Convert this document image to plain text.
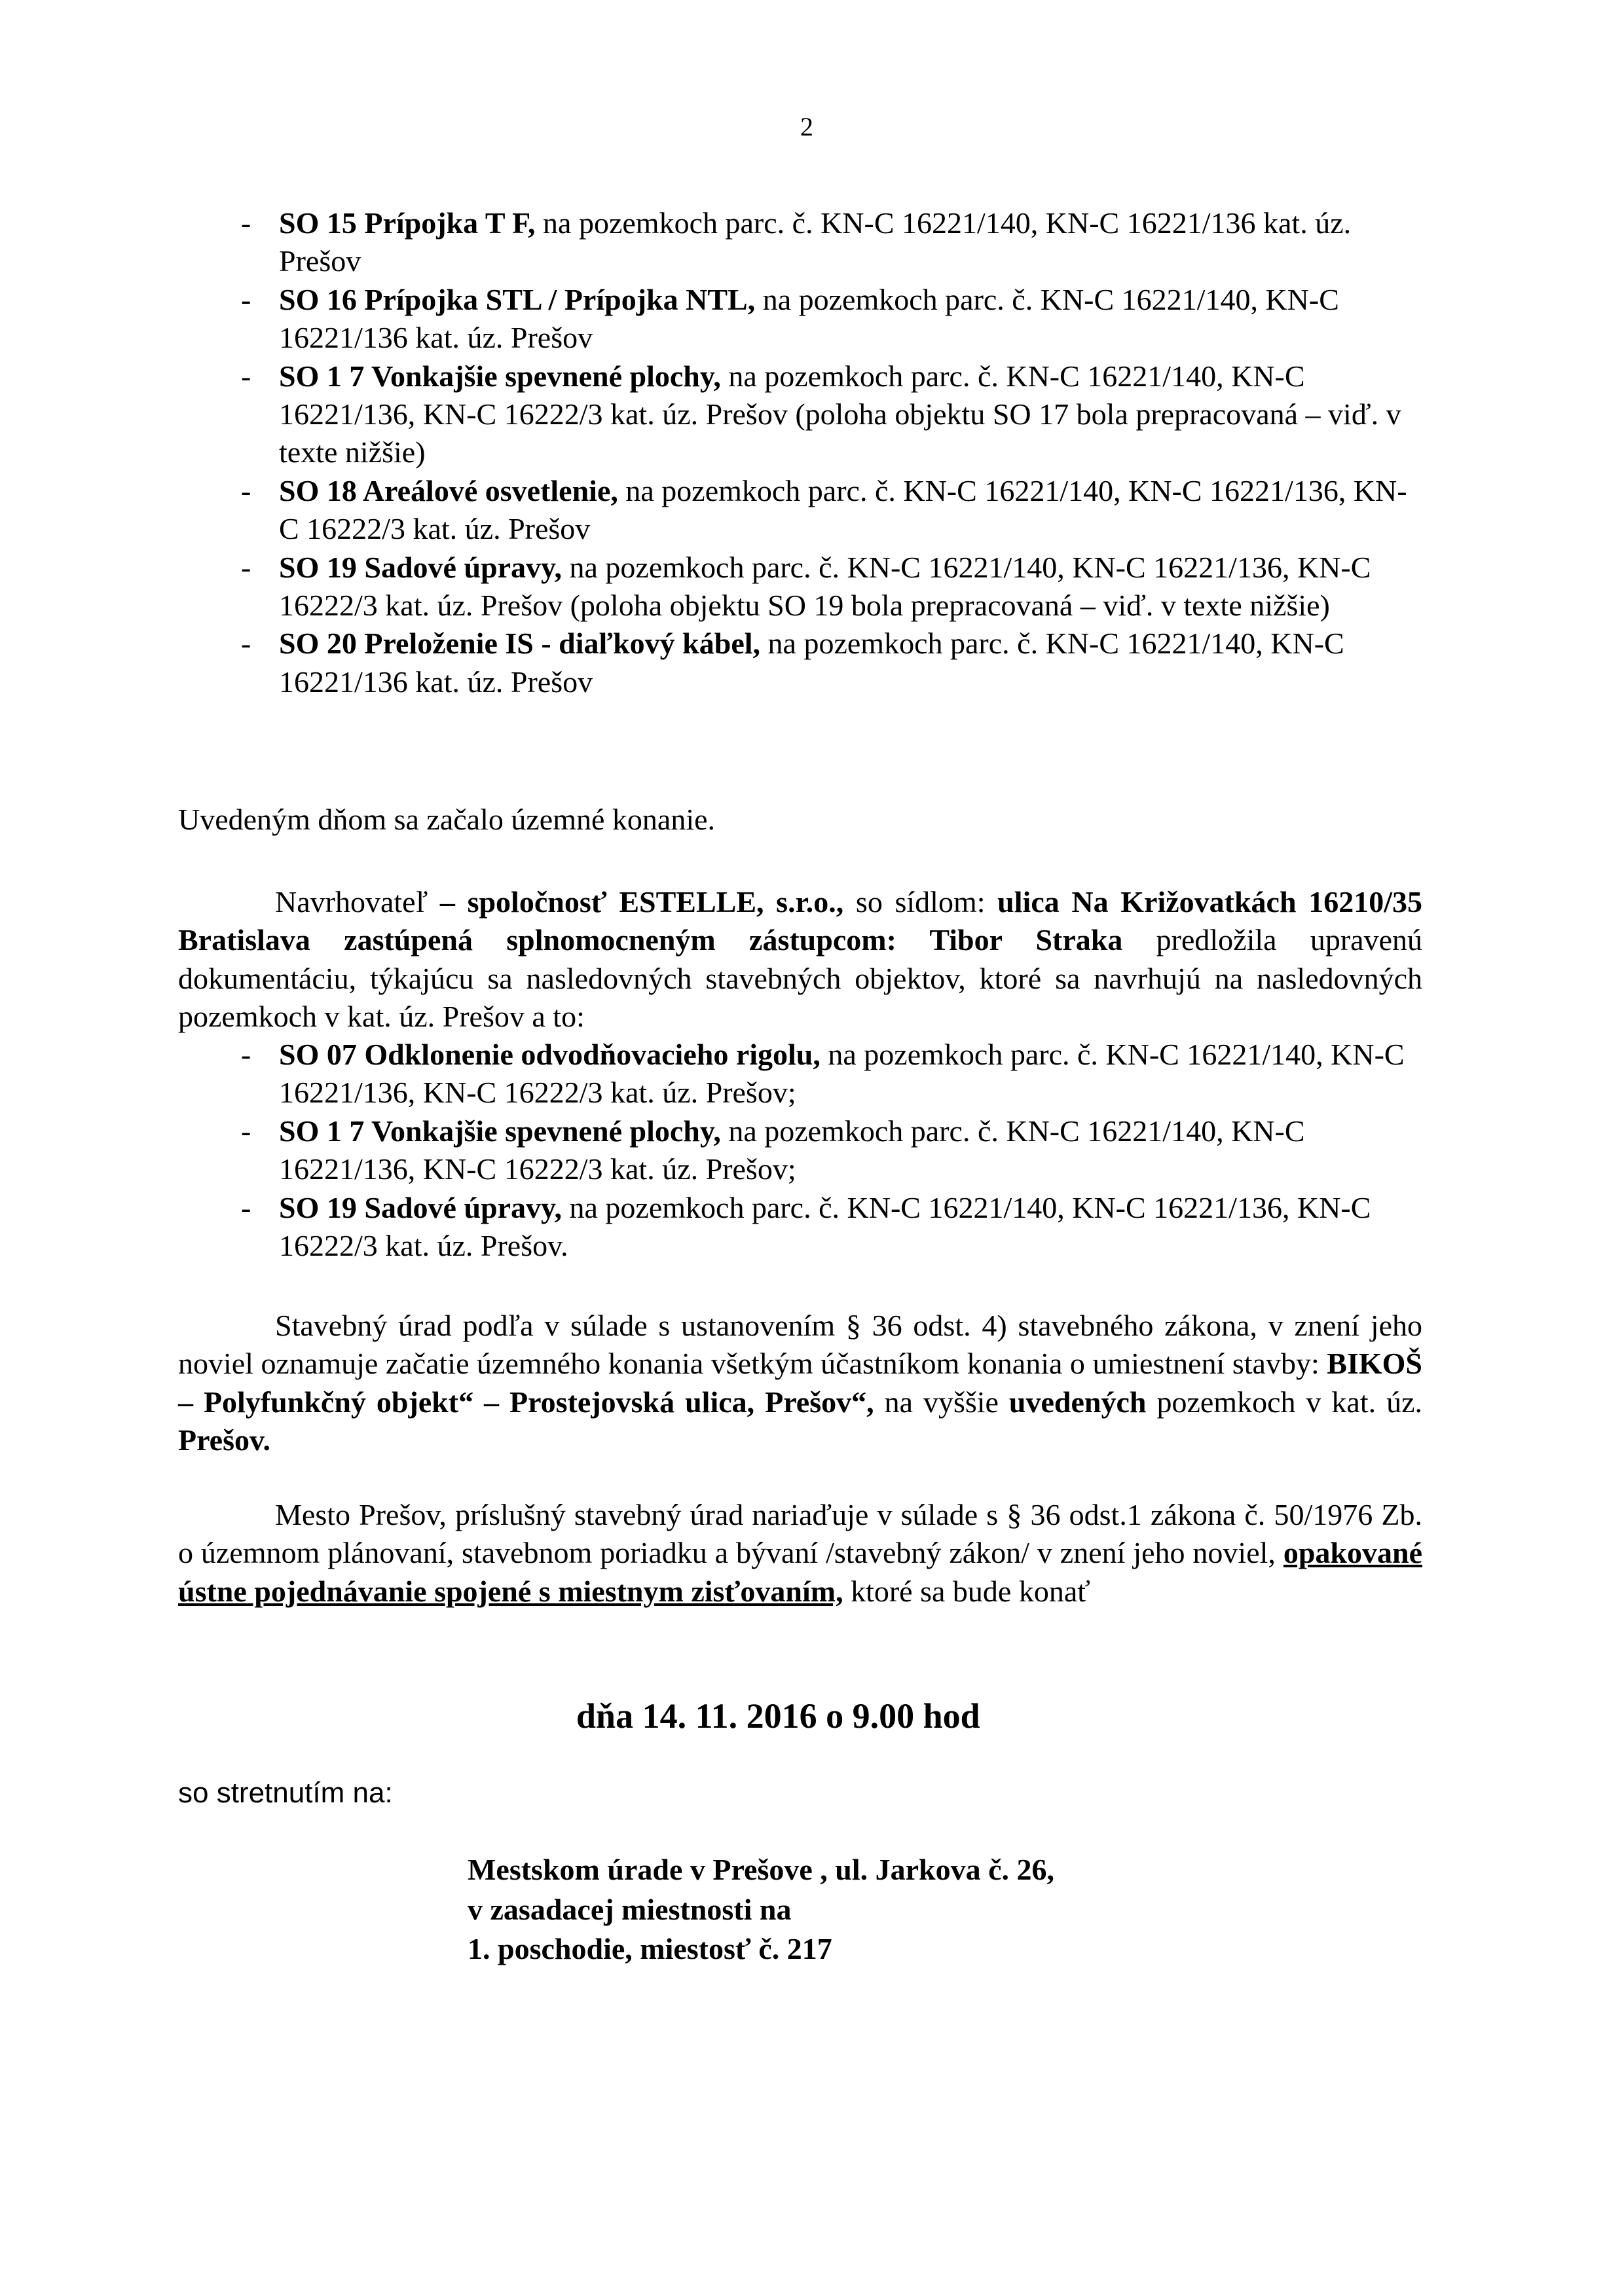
2
- SO 15 Prípojka T F, na pozemkoch parc. č. KN-C 16221/140, KN-C 16221/136 kat. úz. Prešov
- SO 16 Prípojka STL / Prípojka NTL, na pozemkoch parc. č. KN-C 16221/140, KN-C 16221/136 kat. úz. Prešov
- SO 1 7 Vonkajšie spevnené plochy, na pozemkoch parc. č. KN-C 16221/140, KN-C 16221/136, KN-C 16222/3 kat. úz. Prešov (poloha objektu SO 17 bola prepracovaná – viď. v texte nižšie)
- SO 18 Areálové osvetlenie, na pozemkoch parc. č. KN-C 16221/140, KN-C 16221/136, KN-C 16222/3 kat. úz. Prešov
- SO 19 Sadové úpravy, na pozemkoch parc. č. KN-C 16221/140, KN-C 16221/136, KN-C 16222/3 kat. úz. Prešov (poloha objektu SO 19 bola prepracovaná – viď. v texte nižšie)
- SO 20 Preloženie IS - diaľkový kábel, na pozemkoch parc. č. KN-C 16221/140, KN-C 16221/136 kat. úz. Prešov
Uvedeným dňom sa začalo územné konanie.
Navrhovateľ – spoločnosť ESTELLE, s.r.o., so sídlom: ulica Na Križovatkách 16210/35 Bratislava zastúpená splnomocneným zástupcom: Tibor Straka predložila upravenú dokumentáciu, týkajúcu sa nasledovných stavebných objektov, ktoré sa navrhujú na nasledovných pozemkoch v kat. úz. Prešov a to:
- SO 07 Odklonenie odvodňovacieho rigolu, na pozemkoch parc. č. KN-C 16221/140, KN-C 16221/136, KN-C 16222/3 kat. úz. Prešov;
- SO 1 7 Vonkajšie spevnené plochy, na pozemkoch parc. č. KN-C 16221/140, KN-C 16221/136, KN-C 16222/3 kat. úz. Prešov;
- SO 19 Sadové úpravy, na pozemkoch parc. č. KN-C 16221/140, KN-C 16221/136, KN-C 16222/3 kat. úz. Prešov.
Stavebný úrad podľa v súlade s ustanovením § 36 odst. 4) stavebného zákona, v znení jeho noviel oznamuje začatie územného konania všetkým účastníkom konania o umiestnení stavby: BIKOŠ – Polyfunkčný objekt“ – Prostejovská ulica, Prešov“, na vyššie uvedených pozemkoch v kat. úz. Prešov.
Mesto Prešov, príslušný stavebný úrad nariaďuje v súlade s § 36 odst.1 zákona č. 50/1976 Zb. o územnom plánovaní, stavebnom poriadku a bývaní /stavebný zákon/ v znení jeho noviel, opakované ústne pojednávanie spojené s miestnym zisťovaním, ktoré sa bude konať
dňa 14. 11. 2016 o 9.00 hod
so stretnutím na:
Mestskom úrade v Prešove , ul. Jarkova č. 26,
v zasadacej miestnosti na
1. poschodie, miestosť č. 217
